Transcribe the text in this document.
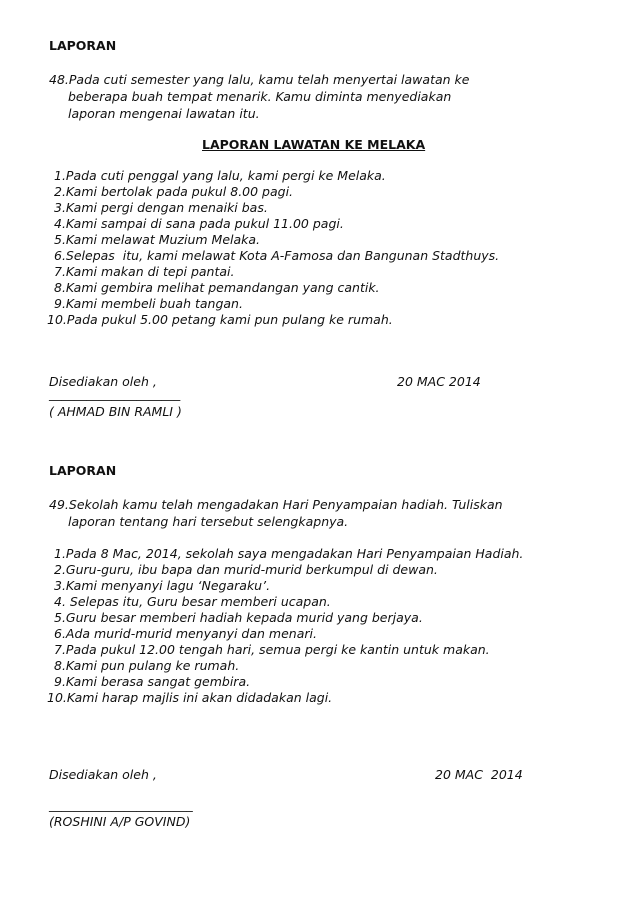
LAPORAN
48.Pada cuti semester yang lalu, kamu telah menyertai lawatan ke
beberapa buah tempat menarik. Kamu diminta menyediakan
laporan mengenai lawatan itu.
LAPORAN LAWATAN KE MELAKA
1.Pada cuti penggal yang lalu, kami pergi ke Melaka.
2.Kami bertolak pada pukul 8.00 pagi.
3.Kami pergi dengan menaiki bas.
4.Kami sampai di sana pada pukul 11.00 pagi.
5.Kami melawat Muzium Melaka.
6.Selepas  itu, kami melawat Kota A-Famosa dan Bangunan Stadthuys.
7.Kami makan di tepi pantai.
8.Kami gembira melihat pemandangan yang cantik.
9.Kami membeli buah tangan.
10.Pada pukul 5.00 petang kami pun pulang ke rumah.
Disediakan oleh ,	20 MAC 2014
_____________________
( AHMAD BIN RAMLI )
LAPORAN
49.Sekolah kamu telah mengadakan Hari Penyampaian hadiah. Tuliskan
laporan tentang hari tersebut selengkapnya.
1.Pada 8 Mac, 2014, sekolah saya mengadakan Hari Penyampaian Hadiah.
2.Guru-guru, ibu bapa dan murid-murid berkumpul di dewan.
3.Kami menyanyi lagu ‘Negaraku’.
4. Selepas itu, Guru besar memberi ucapan.
5.Guru besar memberi hadiah kepada murid yang berjaya.
6.Ada murid-murid menyanyi dan menari.
7.Pada pukul 12.00 tengah hari, semua pergi ke kantin untuk makan.
8.Kami pun pulang ke rumah.
9.Kami berasa sangat gembira.
10.Kami harap majlis ini akan didadakan lagi.
Disediakan oleh ,	20 MAC  2014
_______________________
(ROSHINI A/P GOVIND)
